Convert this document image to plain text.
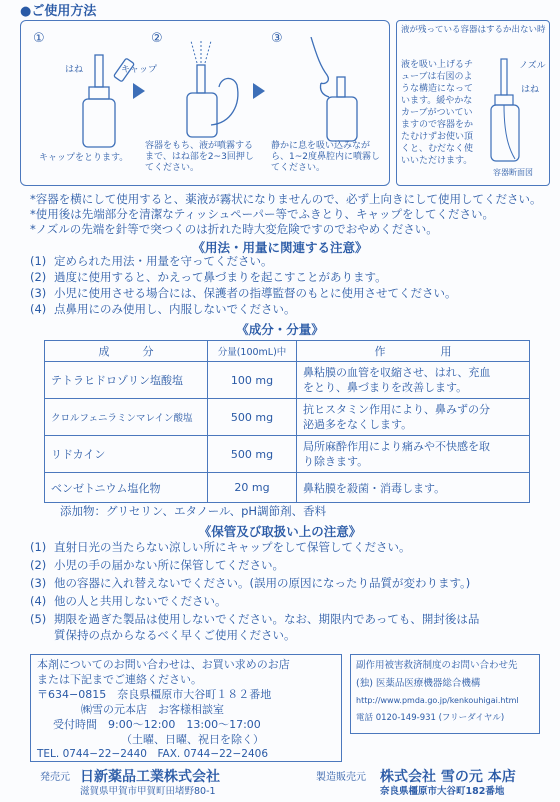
●ご使用方法
①
はね	キャップ
キャップをとります。
②
容器をもち、液が噴霧するまで、はね部を2~3回押してください。
③
静かに息を吸い込みながら、1~2度鼻腔内に噴霧してください。
液が残っている容器はするか出ない時
液を吸い上げるチューブは右図のような構造になっています。緩やかなカーブがついていますので容器をかたむけずお使い頂くと、むだなく使いいただけます。
ノズル
はね
容器断面図
*容器を横にして使用すると、薬液が霧状になりませんので、必ず上向きにして使用してください。
*使用後は先端部分を清潔なティッシュペーパー等でふきとり、キャップをしてください。
*ノズルの先端を針等で突つくのは折れた時大変危険ですのでおやめください。
《用法・用量に関連する注意》
(1) 定められた用法・用量を守ってください。
(2) 過度に使用すると、かえって鼻づまりを起こすことがあります。
(3) 小児に使用させる場合には、保護者の指導監督のもとに使用させてください。
(4) 点鼻用にのみ使用し、内服しないでください。
《成分・分量》
成　　　分	分量(100mL)中	作　　　　　用
テトラヒドロゾリン塩酸塩	100 mg	鼻粘膜の血管を収縮させ、はれ、充血
をとり、鼻づまりを改善します。

クロルフェニラミンマレイン酸塩	500 mg	抗ヒスタミン作用により、鼻みずの分
泌過多をなくします。

リドカイン	500 mg	局所麻酔作用により痛みや不快感を取
り除きます。

ベンゼトニウム塩化物	20 mg	鼻粘膜を殺菌・消毒します。
添加物：グリセリン、エタノール、pH調節剤、香料
《保管及び取扱い上の注意》
(1) 直射日光の当たらない涼しい所にキャップをして保管してください。
(2) 小児の手の届かない所に保管してください。
(3) 他の容器に入れ替えないでください。(誤用の原因になったり品質が変わります。)
(4) 他の人と共用しないでください。
(5) 期限を過ぎた製品は使用しないでください。なお、期限内であっても、開封後は品
質保持の点からなるべく早くご使用ください。
本剤についてのお問い合わせは、お買い求めのお店
または下記までご連絡ください。
〒634−0815　奈良県橿原市大谷町１８２番地
㈱雪の元本店　お客様相談室
受付時間　9:00～12:00　13:00～17:00
（土曜、日曜、祝日を除く）
TEL. 0744−22−2440　FAX. 0744−22−2406
副作用被害救済制度のお問い合わせ先
(独) 医薬品医療機器総合機構
http://www.pmda.go.jp/kenkouhigai.html
電話 0120-149-931 (フリーダイヤル)
発売元 日新薬品工業株式会社
滋賀県甲賀市甲賀町田堵野80-1
製造販売元 株式会社 雪の元 本店
奈良県橿原市大谷町182番地
